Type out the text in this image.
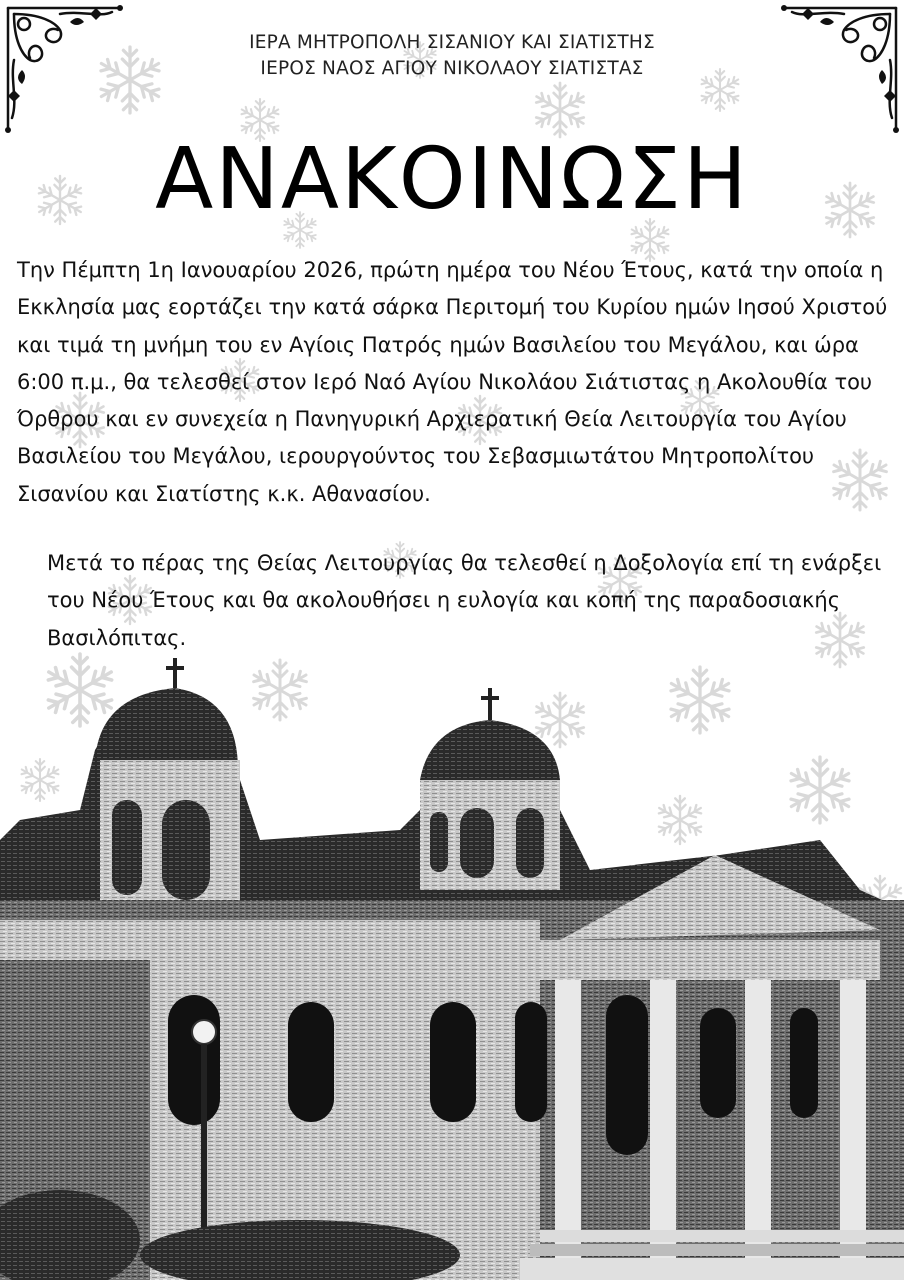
ΙΕΡΑ ΜΗΤΡΟΠΟΛΗ ΣΙΣΑΝΙΟΥ ΚΑΙ ΣΙΑΤΙΣΤΗΣ
ΙΕΡΟΣ ΝΑΟΣ ΑΓΙΟΥ ΝΙΚΟΛΑΟΥ ΣΙΑΤΙΣΤΑΣ
ΑΝΑΚΟΙΝΩΣΗ
Την Πέμπτη 1η Ιανουαρίου 2026, πρώτη ημέρα του Νέου Έτους, κατά την οποία η Εκκλησία μας εορτάζει την κατά σάρκα Περιτομή του Κυρίου ημών Ιησού Χριστού και τιμά τη μνήμη του εν Αγίοις Πατρός ημών Βασιλείου του Μεγάλου, και ώρα 6:00 π.μ., θα τελεσθεί στον Ιερό Ναό Αγίου Νικολάου Σιάτιστας η Ακολουθία του Όρθρου και εν συνεχεία η Πανηγυρική Αρχιερατική Θεία Λειτουργία του Αγίου Βασιλείου του Μεγάλου, ιερουργούντος του Σεβασμιωτάτου Μητροπολίτου Σισανίου και Σιατίστης κ.κ. Αθανασίου.
Μετά το πέρας της Θείας Λειτουργίας θα τελεσθεί η Δοξολογία επί τη ενάρξει του Νέου Έτους και θα ακολουθήσει η ευλογία και κοπή της παραδοσιακής Βασιλόπιτας.
